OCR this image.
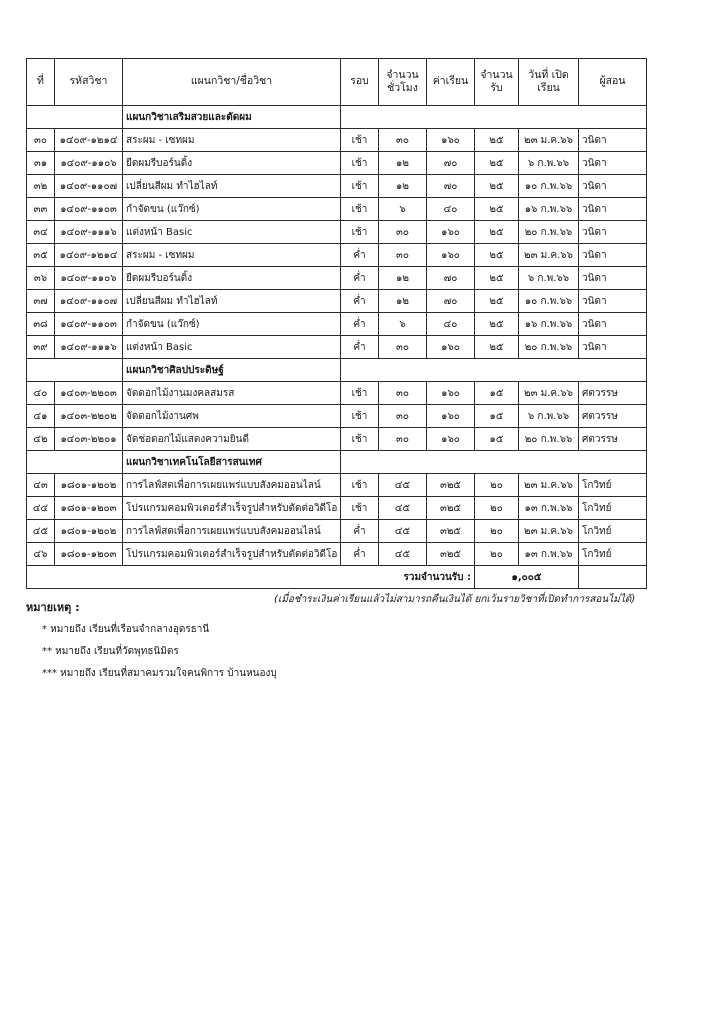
ที่	รหัสวิชา	แผนกวิชา/ชื่อวิชา	รอบ	จำนวน ชั่วโมง	ค่าเรียน	จำนวน รับ	วันที่ เปิดเรียน	ผู้สอน
		แผนกวิชาเสริมสวยและตัดผม						
๓๐	๑๔๐๙-๑๒๑๔	สระผม - เซทผม	เช้า	๓๐	๑๖๐	๒๕	๒๓ ม.ค.๖๖	วนิดา
๓๑	๑๔๐๙-๑๑๐๖	ยืดผมรีบอร์นดิ้ง	เช้า	๑๒	๗๐	๒๕	๖ ก.พ.๖๖	วนิดา
๓๒	๑๔๐๙-๑๑๐๗	เปลี่ยนสีผม ทำไฮไลท์	เช้า	๑๒	๗๐	๒๕	๑๐ ก.พ.๖๖	วนิดา
๓๓	๑๔๐๙-๑๑๐๓	กำจัดขน (แว๊กซ์)	เช้า	๖	๔๐	๒๕	๑๖ ก.พ.๖๖	วนิดา
๓๔	๑๔๐๙-๑๑๑๖	แต่งหน้า Basic	เช้า	๓๐	๑๖๐	๒๕	๒๐ ก.พ.๖๖	วนิดา
๓๕	๑๔๐๙-๑๒๑๔	สระผม - เซทผม	ค่ำ	๓๐	๑๖๐	๒๕	๒๓ ม.ค.๖๖	วนิดา
๓๖	๑๔๐๙-๑๑๐๖	ยืดผมรีบอร์นดิ้ง	ค่ำ	๑๒	๗๐	๒๕	๖ ก.พ.๖๖	วนิดา
๓๗	๑๔๐๙-๑๑๐๗	เปลี่ยนสีผม ทำไฮไลท์	ค่ำ	๑๒	๗๐	๒๕	๑๐ ก.พ.๖๖	วนิดา
๓๘	๑๔๐๙-๑๑๐๓	กำจัดขน (แว๊กซ์)	ค่ำ	๖	๔๐	๒๕	๑๖ ก.พ.๖๖	วนิดา
๓๙	๑๔๐๙-๑๑๑๖	แต่งหน้า Basic	ค่ำ	๓๐	๑๖๐	๒๕	๒๐ ก.พ.๖๖	วนิดา
		แผนกวิชาศิลปประดิษฐ์						
๔๐	๑๔๐๓-๒๒๐๓	จัดดอกไม้งานมงคลสมรส	เช้า	๓๐	๑๖๐	๑๕	๒๓ ม.ค.๖๖	ศตวรรษ
๔๑	๑๔๐๓-๒๒๐๒	จัดดอกไม้งานศพ	เช้า	๓๐	๑๖๐	๑๕	๖ ก.พ.๖๖	ศตวรรษ
๔๒	๑๔๐๓-๒๒๐๑	จัดช่อดอกไม้แสดงความยินดี	เช้า	๓๐	๑๖๐	๑๕	๒๐ ก.พ.๖๖	ศตวรรษ
		แผนกวิชาเทคโนโลยีสารสนเทศ						
๔๓	๑๘๐๑-๑๒๐๒	การไลฟ์สดเพื่อการเผยแพร่แบบสังคมออนไลน์	เช้า	๔๕	๓๒๕	๒๐	๒๓ ม.ค.๖๖	โกวิทย์
๔๔	๑๘๐๑-๑๒๐๓	โปรแกรมคอมพิวเตอร์สำเร็จรูปสำหรับตัดต่อวิดีโอ	เช้า	๔๕	๓๒๕	๒๐	๑๓ ก.พ.๖๖	โกวิทย์
๔๕	๑๘๐๑-๑๒๐๒	การไลฟ์สดเพื่อการเผยแพร่แบบสังคมออนไลน์	ค่ำ	๔๕	๓๒๕	๒๐	๒๓ ม.ค.๖๖	โกวิทย์
๔๖	๑๘๐๑-๑๒๐๓	โปรแกรมคอมพิวเตอร์สำเร็จรูปสำหรับตัดต่อวิดีโอ	ค่ำ	๔๕	๓๒๕	๒๐	๑๓ ก.พ.๖๖	โกวิทย์
รวมจำนวนรับ :						๑,๐๐๕		
หมายเหตุ :
(เมื่อชำระเงินค่าเรียนแล้วไม่สามารถคืนเงินได้ ยกเว้นรายวิชาที่เปิดทำการสอนไม่ได้)
* หมายถึง เรียนที่เรือนจำกลางอุดรธานี
** หมายถึง เรียนที่วัดพุทธนิมิตร
*** หมายถึง เรียนที่สมาคมรวมใจคนพิการ บ้านหนองบุ
